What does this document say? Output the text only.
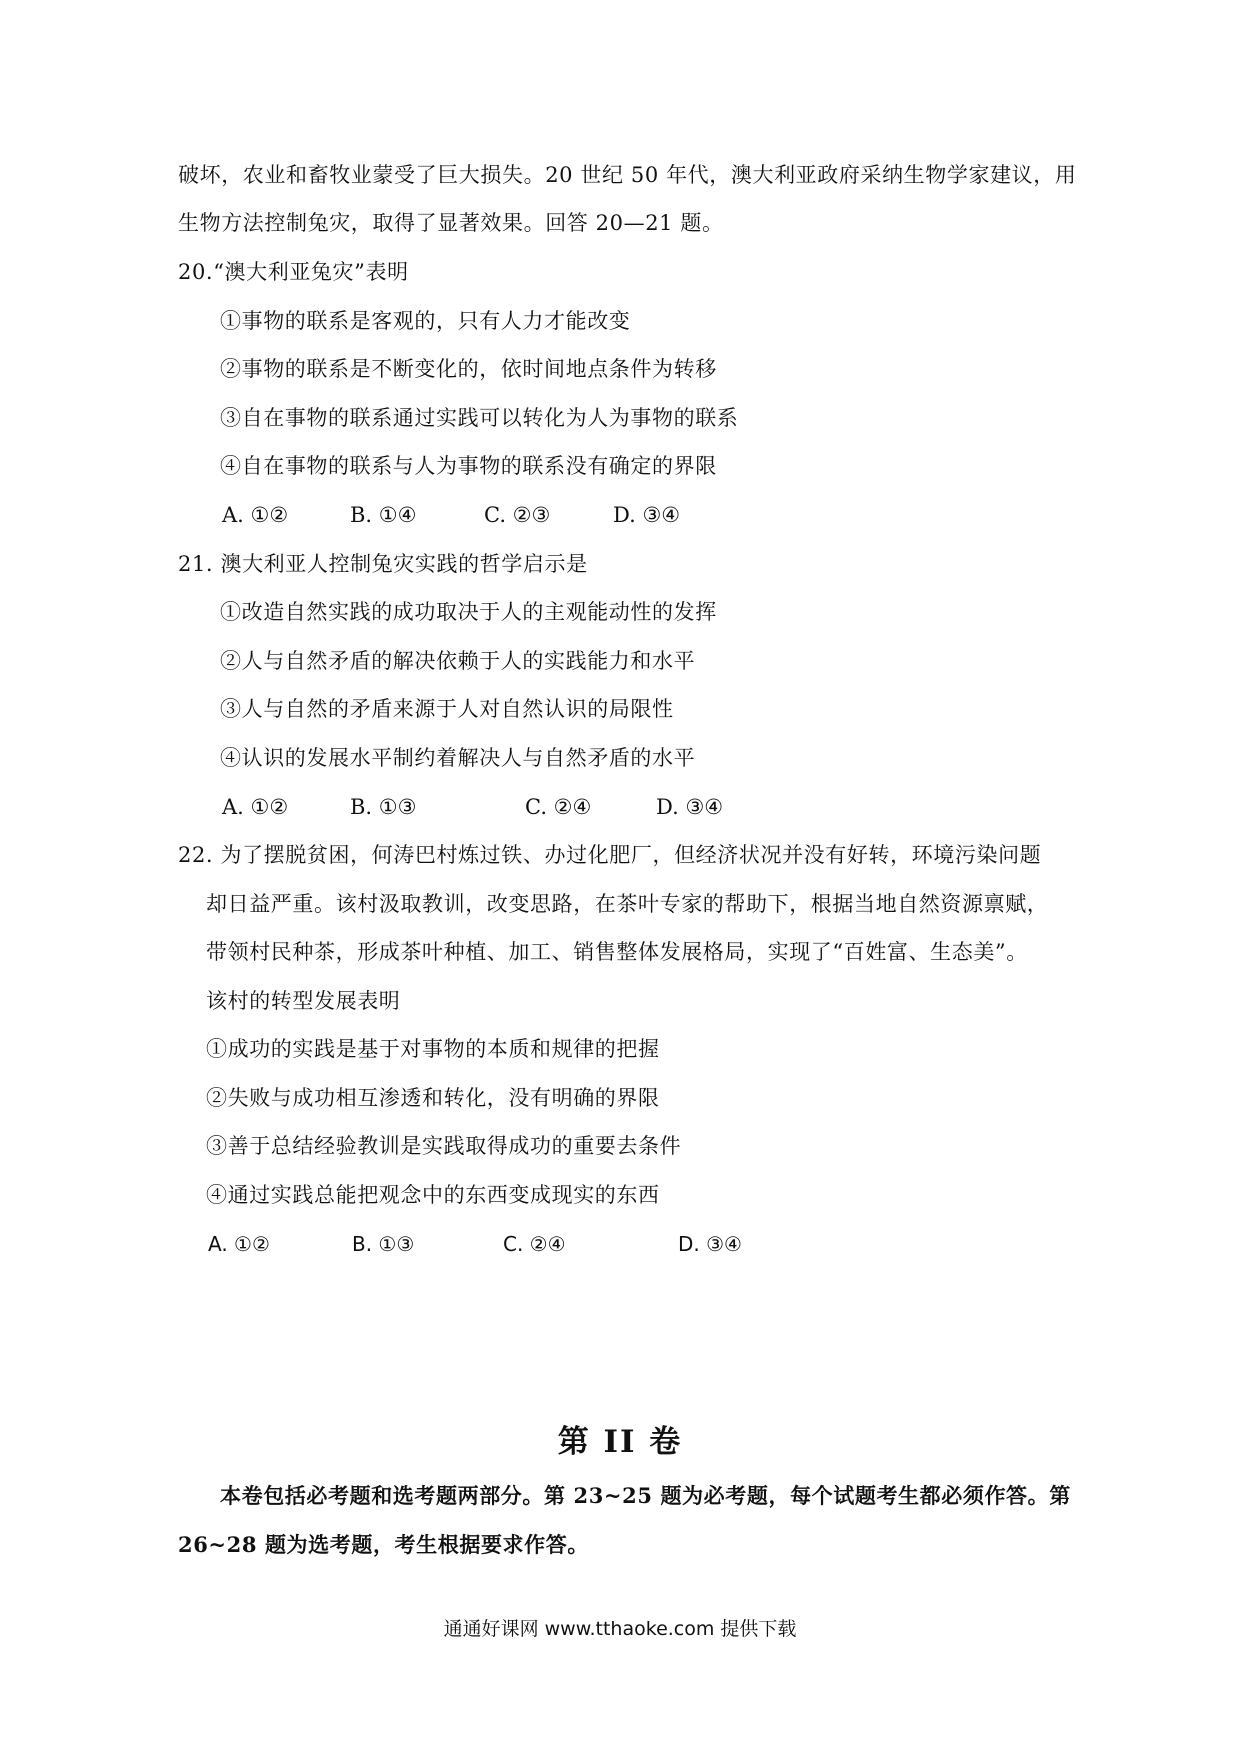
破坏，农业和畜牧业蒙受了巨大损失。20 世纪 50 年代，澳大利亚政府采纳生物学家建议，用
生物方法控制兔灾，取得了显著效果。回答 20—21 题。
20.“澳大利亚兔灾”表明
①事物的联系是客观的，只有人力才能改变
②事物的联系是不断变化的，依时间地点条件为转移
③自在事物的联系通过实践可以转化为人为事物的联系
④自在事物的联系与人为事物的联系没有确定的界限
A. ①②	B. ①④	C. ②③	D. ③④
21. 澳大利亚人控制兔灾实践的哲学启示是
①改造自然实践的成功取决于人的主观能动性的发挥
②人与自然矛盾的解决依赖于人的实践能力和水平
③人与自然的矛盾来源于人对自然认识的局限性
④认识的发展水平制约着解决人与自然矛盾的水平
A. ①②	B. ①③	C. ②④	D. ③④
22. 为了摆脱贫困，何涛巴村炼过铁、办过化肥厂，但经济状况并没有好转，环境污染问题
却日益严重。该村汲取教训，改变思路，在茶叶专家的帮助下，根据当地自然资源禀赋，
带领村民种茶，形成茶叶种植、加工、销售整体发展格局，实现了“百姓富、生态美”。
该村的转型发展表明
①成功的实践是基于对事物的本质和规律的把握
②失败与成功相互渗透和转化，没有明确的界限
③善于总结经验教训是实践取得成功的重要去条件
④通过实践总能把观念中的东西变成现实的东西
A. ①②	B. ①③	C. ②④	D. ③④
第 II 卷
本卷包括必考题和选考题两部分。第 23~25 题为必考题，每个试题考生都必须作答。第
26~28 题为选考题，考生根据要求作答。
通通好课网 www.tthaoke.com 提供下载
